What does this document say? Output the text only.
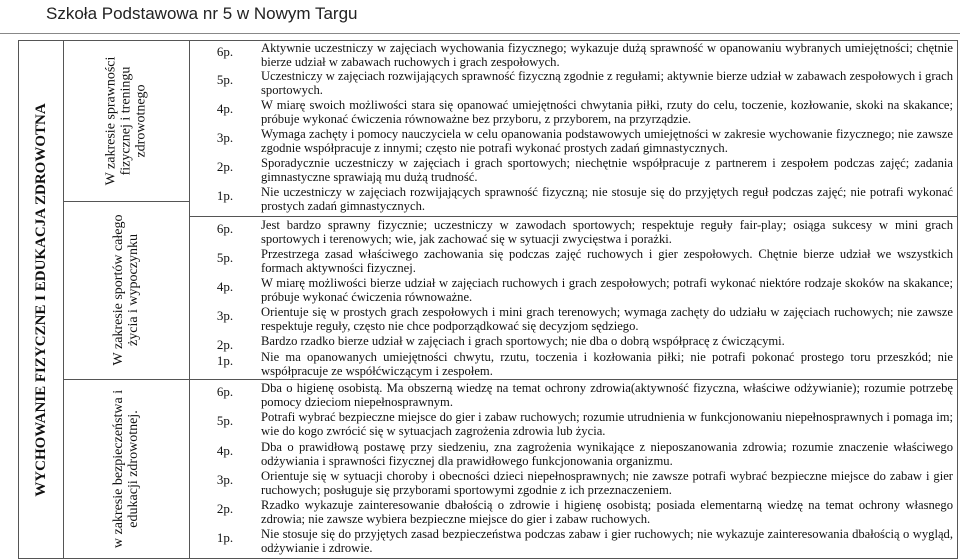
Szkoła Podstawowa nr 5 w Nowym Targu
WYCHOWANIE FIZYCZNE I EDUKACJA ZDROWOTNA	W zakresie sprawności fizycznej i treningu zdrowotnego
W zakresie sportów całego życia i wypoczynku
w zakresie bezpieczeństwa i edukacji zdrowotnej.
6p.	Aktywnie uczestniczy w zajęciach wychowania fizycznego; wykazuje dużą sprawność w opanowaniu wybranych umiejętności; chętnie bierze udział w zabawach ruchowych i grach zespołowych.
5p.	Uczestniczy w zajęciach rozwijających sprawność fizyczną zgodnie z regułami; aktywnie bierze udział w zabawach zespołowych i grach sportowych.
4p.	W miarę swoich możliwości stara się opanować umiejętności chwytania piłki, rzuty do celu, toczenie, kozłowanie, skoki na skakance; próbuje wykonać ćwiczenia równoważne bez przyboru, z przyborem, na przyrządzie.
3p.	Wymaga zachęty i pomocy nauczyciela w celu opanowania podstawowych umiejętności w zakresie wychowanie fizycznego; nie zawsze zgodnie współpracuje z innymi; często nie potrafi wykonać prostych zadań gimnastycznych.
2p.	Sporadycznie uczestniczy w zajęciach i grach sportowych; niechętnie współpracuje z partnerem i zespołem podczas zajęć; zadania gimnastyczne sprawiają mu dużą trudność.
1p.	Nie uczestniczy w zajęciach rozwijających sprawność fizyczną; nie stosuje się do przyjętych reguł podczas zajęć; nie potrafi wykonać prostych zadań gimnastycznych.
6p.	Jest bardzo sprawny fizycznie; uczestniczy w zawodach sportowych; respektuje reguły fair-play; osiąga sukcesy w mini grach sportowych i terenowych; wie, jak zachować się w sytuacji zwycięstwa i porażki.
5p.	Przestrzega zasad właściwego zachowania się podczas zajęć ruchowych i gier zespołowych. Chętnie bierze udział we wszystkich formach aktywności fizycznej.
4p.	W miarę możliwości bierze udział w zajęciach ruchowych i grach zespołowych; potrafi wykonać niektóre rodzaje skoków na skakance; próbuje wykonać ćwiczenia równoważne.
3p.	Orientuje się w prostych grach zespołowych i mini grach terenowych; wymaga zachęty do udziału w zajęciach ruchowych; nie zawsze respektuje reguły, często nie chce podporządkować się decyzjom sędziego.
2p.	Bardzo rzadko bierze udział w zajęciach i grach sportowych; nie dba o dobrą współpracę z ćwiczącymi.
1p.	Nie ma opanowanych umiejętności chwytu, rzutu, toczenia i kozłowania piłki; nie potrafi pokonać prostego toru przeszkód; nie współpracuje ze współćwiczącym i zespołem.
6p.	Dba o higienę osobistą. Ma obszerną wiedzę na temat ochrony zdrowia(aktywność fizyczna, właściwe odżywianie); rozumie potrzebę pomocy dzieciom niepełnosprawnym.
5p.	Potrafi wybrać bezpieczne miejsce do gier i zabaw ruchowych; rozumie utrudnienia w funkcjonowaniu niepełnosprawnych i pomaga im; wie do kogo zwrócić się w sytuacjach zagrożenia zdrowia lub życia.
4p.	Dba o prawidłową postawę przy siedzeniu, zna zagrożenia wynikające z nieposzanowania zdrowia; rozumie znaczenie właściwego odżywiania i sprawności fizycznej dla prawidłowego funkcjonowania organizmu.
3p.	Orientuje się w sytuacji choroby i obecności dzieci niepełnosprawnych; nie zawsze potrafi wybrać bezpieczne miejsce do zabaw i gier ruchowych; posługuje się przyborami sportowymi zgodnie z ich przeznaczeniem.
2p.	Rzadko wykazuje zainteresowanie dbałością o zdrowie i higienę osobistą; posiada elementarną wiedzę na temat ochrony własnego zdrowia; nie zawsze wybiera bezpieczne miejsce do gier i zabaw ruchowych.
1p.	Nie stosuje się do przyjętych zasad bezpieczeństwa podczas zabaw i gier ruchowych; nie wykazuje zainteresowania dbałością o wygląd, odżywianie i zdrowie.
